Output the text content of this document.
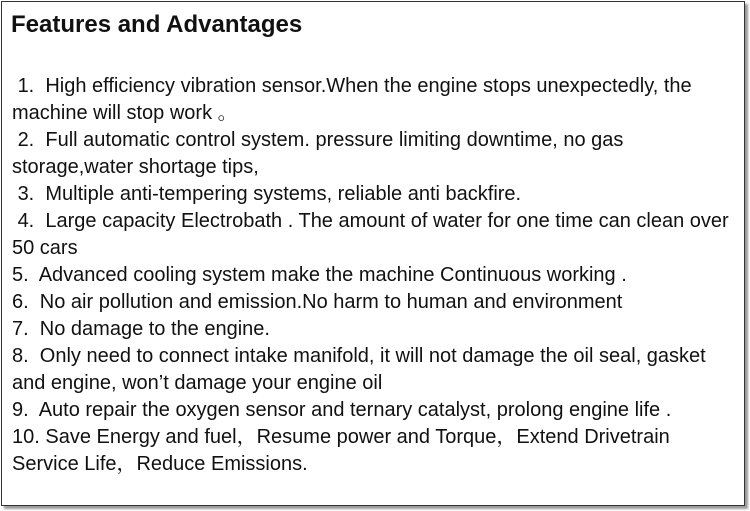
Features and Advantages
1.  High efficiency vibration sensor.When the engine stops unexpectedly, the machine will stop work 。
2.  Full automatic control system. pressure limiting downtime, no gas storage,water shortage tips,
3.  Multiple anti-tempering systems, reliable anti backfire.
4.  Large capacity Electrobath . The amount of water for one time can clean over 50 cars
5.  Advanced cooling system make the machine Continuous working .
6.  No air pollution and emission.No harm to human and environment
7.  No damage to the engine.
8.  Only need to connect intake manifold, it will not damage the oil seal, gasket and engine, won’t damage your engine oil
9.  Auto repair the oxygen sensor and ternary catalyst, prolong engine life .
10. Save Energy and fuel，Resume power and Torque，Extend Drivetrain Service Life，Reduce Emissions.
